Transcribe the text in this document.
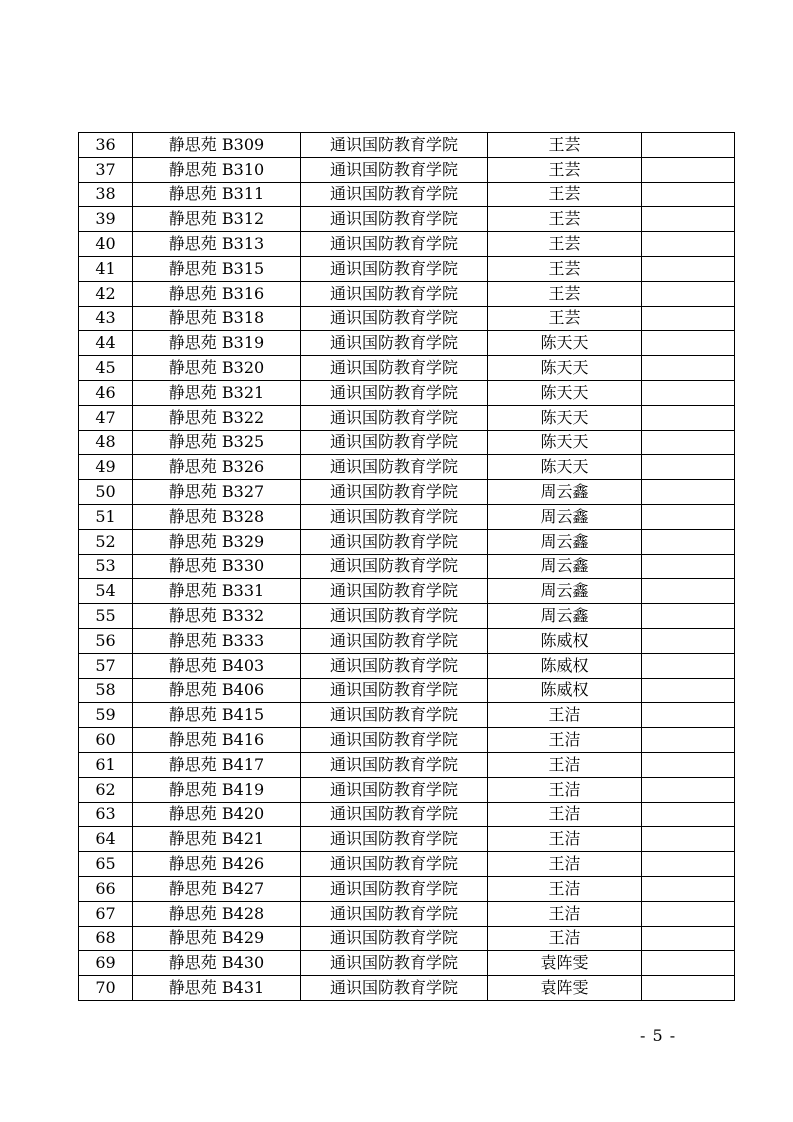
36	静思苑 B309	通识国防教育学院	王芸	
37	静思苑 B310	通识国防教育学院	王芸	
38	静思苑 B311	通识国防教育学院	王芸	
39	静思苑 B312	通识国防教育学院	王芸	
40	静思苑 B313	通识国防教育学院	王芸	
41	静思苑 B315	通识国防教育学院	王芸	
42	静思苑 B316	通识国防教育学院	王芸	
43	静思苑 B318	通识国防教育学院	王芸	
44	静思苑 B319	通识国防教育学院	陈天天	
45	静思苑 B320	通识国防教育学院	陈天天	
46	静思苑 B321	通识国防教育学院	陈天天	
47	静思苑 B322	通识国防教育学院	陈天天	
48	静思苑 B325	通识国防教育学院	陈天天	
49	静思苑 B326	通识国防教育学院	陈天天	
50	静思苑 B327	通识国防教育学院	周云鑫	
51	静思苑 B328	通识国防教育学院	周云鑫	
52	静思苑 B329	通识国防教育学院	周云鑫	
53	静思苑 B330	通识国防教育学院	周云鑫	
54	静思苑 B331	通识国防教育学院	周云鑫	
55	静思苑 B332	通识国防教育学院	周云鑫	
56	静思苑 B333	通识国防教育学院	陈威权	
57	静思苑 B403	通识国防教育学院	陈威权	
58	静思苑 B406	通识国防教育学院	陈威权	
59	静思苑 B415	通识国防教育学院	王洁	
60	静思苑 B416	通识国防教育学院	王洁	
61	静思苑 B417	通识国防教育学院	王洁	
62	静思苑 B419	通识国防教育学院	王洁	
63	静思苑 B420	通识国防教育学院	王洁	
64	静思苑 B421	通识国防教育学院	王洁	
65	静思苑 B426	通识国防教育学院	王洁	
66	静思苑 B427	通识国防教育学院	王洁	
67	静思苑 B428	通识国防教育学院	王洁	
68	静思苑 B429	通识国防教育学院	王洁	
69	静思苑 B430	通识国防教育学院	袁阵雯	
70	静思苑 B431	通识国防教育学院	袁阵雯	
- 5 -
